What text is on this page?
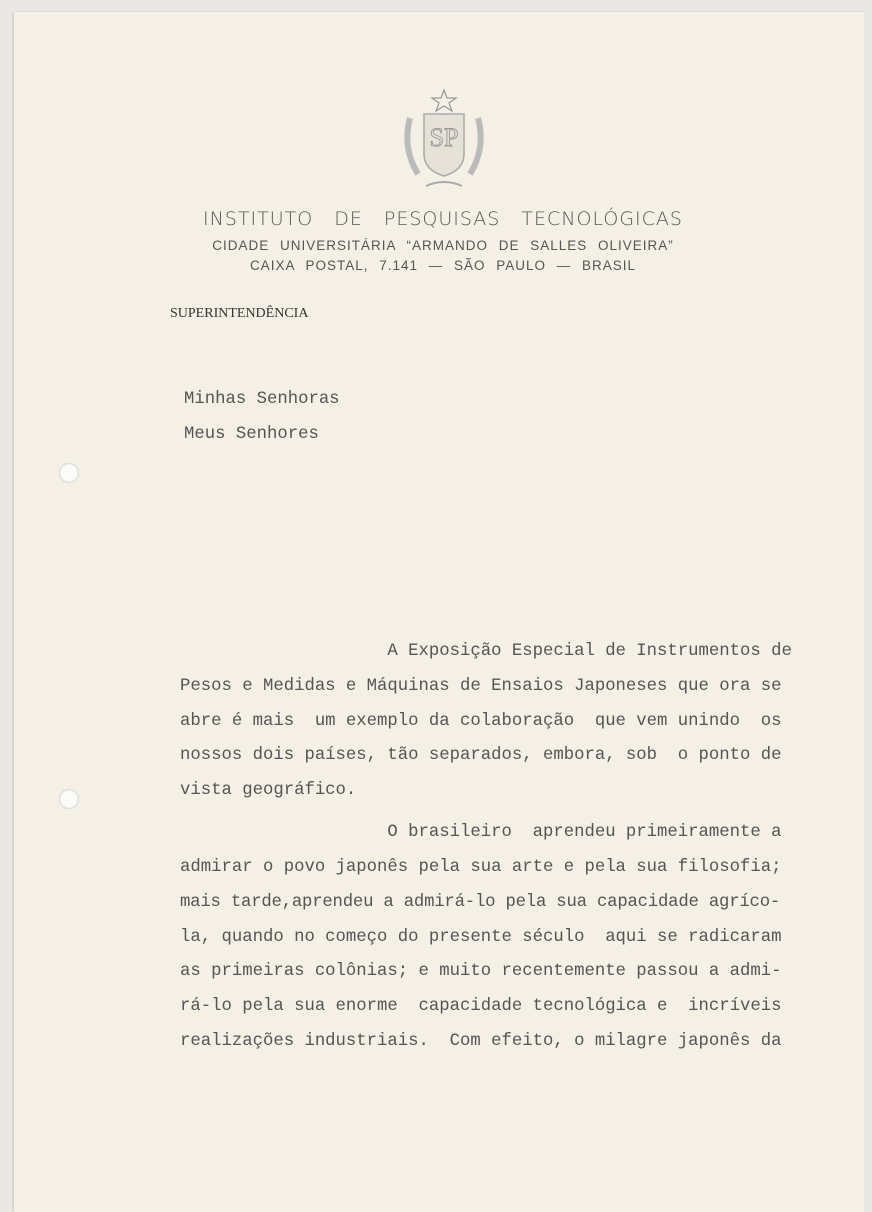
SP
INSTITUTO DE PESQUISAS TECNOLÓGICAS
CIDADE UNIVERSITÁRIA “ARMANDO DE SALLES OLIVEIRA”
CAIXA POSTAL, 7.141 — SÃO PAULO — BRASIL
SUPERINTENDÊNCIA
Minhas Senhoras
Meus Senhores
A Exposição Especial de Instrumentos de
Pesos e Medidas e Máquinas de Ensaios Japoneses que ora se
abre é mais  um exemplo da colaboração  que vem unindo  os
nossos dois países, tão separados, embora, sob  o ponto de
vista geográfico.
O brasileiro  aprendeu primeiramente a
admirar o povo japonês pela sua arte e pela sua filosofia;
mais tarde,aprendeu a admirá-lo pela sua capacidade agríco-
la, quando no começo do presente século  aqui se radicaram
as primeiras colônias; e muito recentemente passou a admi-
rá-lo pela sua enorme  capacidade tecnológica e  incríveis
realizações industriais.  Com efeito, o milagre japonês da
